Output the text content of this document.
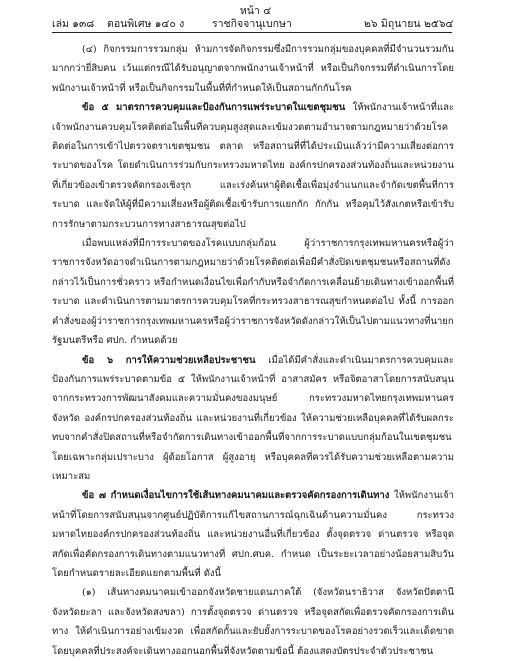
หน้า ๔
เล่ม ๑๓๘ ตอนพิเศษ ๑๔๐ ง	ราชกิจจานุเบกษา	๒๖ มิถุนายน ๒๕๖๔

(๔) กิจกรรมการรวมกลุ่ม ห้ามการจัดกิจกรรมซึ่งมีการรวมกลุ่มของบุคคลที่มีจำนวนรวมกันมากกว่ายี่สิบคน เว้นแต่กรณีได้รับอนุญาตจากพนักงานเจ้าหน้าที่ หรือเป็นกิจกรรมที่ดำเนินการโดยพนักงานเจ้าหน้าที่ หรือเป็นกิจกรรมในพื้นที่ที่กำหนดให้เป็นสถานกักกันโรค

ข้อ ๕ มาตรการควบคุมและป้องกันการแพร่ระบาดในเขตชุมชน ให้พนักงานเจ้าหน้าที่และเจ้าพนักงานควบคุมโรคติดต่อในพื้นที่ควบคุมสูงสุดและเข้มงวดตามอำนาจตามกฎหมายว่าด้วยโรคติดต่อในการเข้าไปตรวจตราเขตชุมชน ตลาด หรือสถานที่ที่ได้ประเมินแล้วว่ามีความเสี่ยงต่อการระบาดของโรค โดยดำเนินการร่วมกับกระทรวงมหาดไทย องค์กรปกครองส่วนท้องถิ่นและหน่วยงานที่เกี่ยวข้องเข้าตรวจคัดกรองเชิงรุก และเร่งค้นหาผู้ติดเชื้อเพื่อมุ่งจำแนกและจำกัดเขตพื้นที่การระบาด และจัดให้ผู้ที่มีความเสี่ยงหรือผู้ติดเชื้อเข้ารับการแยกกัก กักกัน หรือคุมไว้สังเกตหรือเข้ารับการรักษาตามกระบวนการทางสาธารณสุขต่อไป

เมื่อพบแหล่งที่มีการระบาดของโรคแบบกลุ่มก้อน ผู้ว่าราชการกรุงเทพมหานครหรือผู้ว่าราชการจังหวัดอาจดำเนินการตามกฎหมายว่าด้วยโรคติดต่อเพื่อมีคำสั่งปิดเขตชุมชนหรือสถานที่ดังกล่าวไว้เป็นการชั่วคราว หรือกำหนดเงื่อนไขเพื่อกำกับหรือจำกัดการเคลื่อนย้ายเดินทางเข้าออกพื้นที่ระบาด และดำเนินการตามมาตรการควบคุมโรคที่กระทรวงสาธารณสุขกำหนดต่อไป ทั้งนี้ การออกคำสั่งของผู้ว่าราชการกรุงเทพมหานครหรือผู้ว่าราชการจังหวัดดังกล่าวให้เป็นไปตามแนวทางที่นายกรัฐมนตรีหรือ ศปก. กำหนดด้วย

ข้อ ๖ การให้ความช่วยเหลือประชาชน เมื่อได้มีคำสั่งและดำเนินมาตรการควบคุมและป้องกันการแพร่ระบาดตามข้อ ๕ ให้พนักงานเจ้าหน้าที่ อาสาสมัคร หรือจิตอาสาโดยการสนับสนุนจากกระทรวงการพัฒนาสังคมและความมั่นคงของมนุษย์ กระทรวงมหาดไทยกรุงเทพมหานคร จังหวัด องค์กรปกครองส่วนท้องถิ่น และหน่วยงานที่เกี่ยวข้อง ให้ความช่วยเหลือบุคคลที่ได้รับผลกระทบจากคำสั่งปิดสถานที่หรือจำกัดการเดินทางเข้าออกพื้นที่จากการระบาดแบบกลุ่มก้อนในเขตชุมชน โดยเฉพาะกลุ่มเปราะบาง ผู้ด้อยโอกาส ผู้สูงอายุ หรือบุคคลที่ควรได้รับความช่วยเหลือตามความเหมาะสม

ข้อ ๗ กำหนดเงื่อนไขการใช้เส้นทางคมนาคมและตรวจคัดกรองการเดินทาง ให้พนักงานเจ้าหน้าที่โดยการสนับสนุนจากศูนย์ปฏิบัติการแก้ไขสถานการณ์ฉุกเฉินด้านความมั่นคง กระทรวงมหาดไทยองค์กรปกครองส่วนท้องถิ่น และหน่วยงานอื่นที่เกี่ยวข้อง ตั้งจุดตรวจ ด่านตรวจ หรือจุดสกัดเพื่อคัดกรองการเดินทางตามแนวทางที่ ศปก.ศบค. กำหนด เป็นระยะเวลาอย่างน้อยสามสิบวันโดยกำหนดรายละเอียดแยกตามพื้นที่ ดังนี้

(๑) เส้นทางคมนาคมเข้าออกจังหวัดชายแดนภาคใต้ (จังหวัดนราธิวาส จังหวัดปัตตานีจังหวัดยะลา และจังหวัดสงขลา) การตั้งจุดตรวจ ด่านตรวจ หรือจุดสกัดเพื่อตรวจคัดกรองการเดินทาง ให้ดำเนินการอย่างเข้มงวด เพื่อสกัดกั้นและยับยั้งการระบาดของโรคอย่างรวดเร็วและเด็ดขาดโดยบุคคลที่ประสงค์จะเดินทางออกนอกพื้นที่จังหวัดตามข้อนี้ ต้องแสดงบัตรประจำตัวประชาชน
